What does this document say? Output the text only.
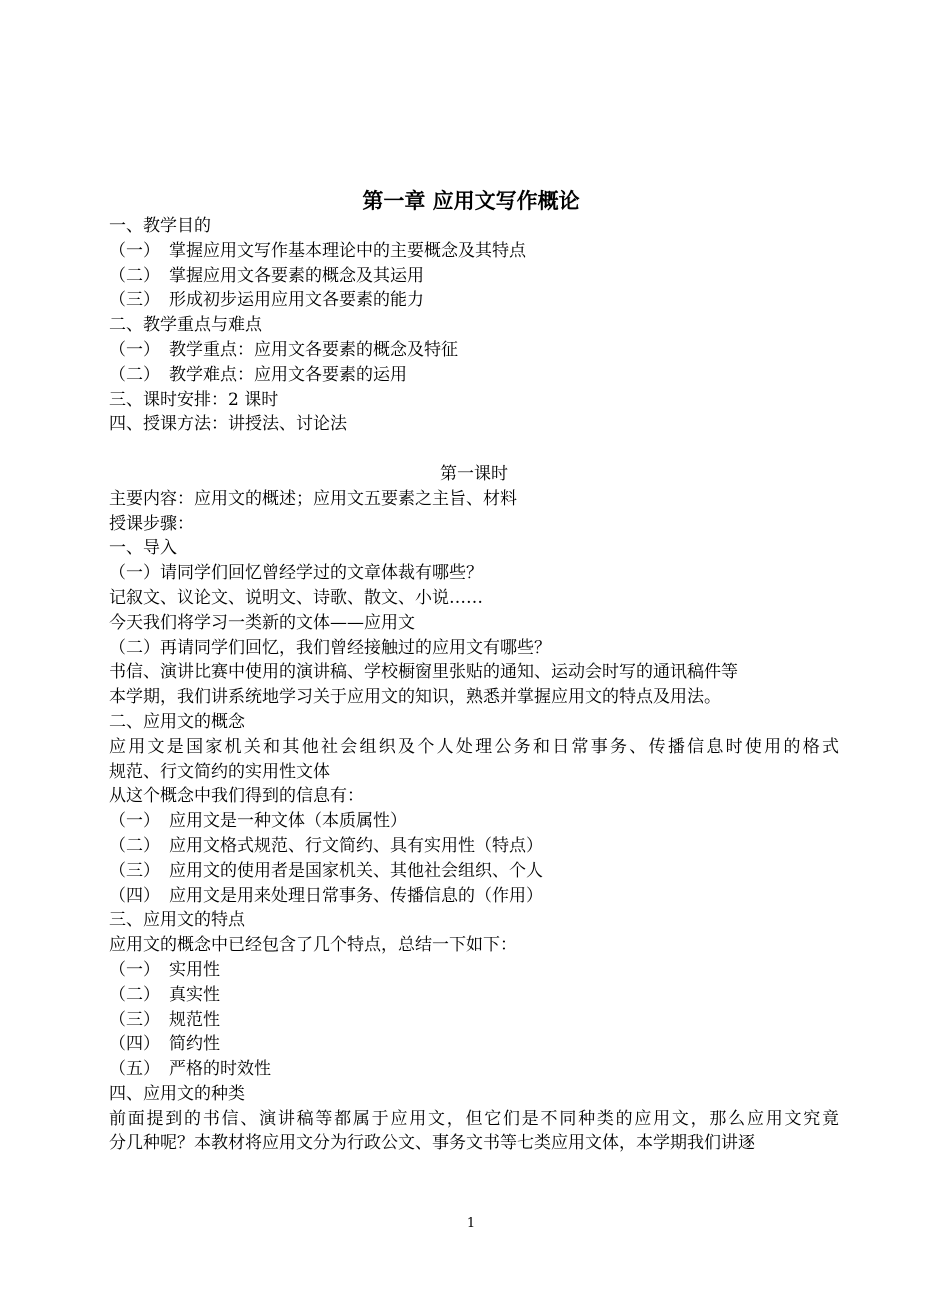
第一章 应用文写作概论
一、教学目的
（一） 掌握应用文写作基本理论中的主要概念及其特点
（二） 掌握应用文各要素的概念及其运用
（三） 形成初步运用应用文各要素的能力
二、教学重点与难点
（一） 教学重点：应用文各要素的概念及特征
（二） 教学难点：应用文各要素的运用
三、课时安排：2 课时
四、授课方法：讲授法、讨论法
第一课时
主要内容：应用文的概述；应用文五要素之主旨、材料
授课步骤：
一、导入
（一）请同学们回忆曾经学过的文章体裁有哪些？
记叙文、议论文、说明文、诗歌、散文、小说……
今天我们将学习一类新的文体——应用文
（二）再请同学们回忆，我们曾经接触过的应用文有哪些？
书信、演讲比赛中使用的演讲稿、学校橱窗里张贴的通知、运动会时写的通讯稿件等
本学期，我们讲系统地学习关于应用文的知识，熟悉并掌握应用文的特点及用法。
二、应用文的概念
应用文是国家机关和其他社会组织及个人处理公务和日常事务、传播信息时使用的格式
规范、行文简约的实用性文体
从这个概念中我们得到的信息有：
（一） 应用文是一种文体（本质属性）
（二） 应用文格式规范、行文简约、具有实用性（特点）
（三） 应用文的使用者是国家机关、其他社会组织、个人
（四） 应用文是用来处理日常事务、传播信息的（作用）
三、应用文的特点
应用文的概念中已经包含了几个特点，总结一下如下：
（一） 实用性
（二） 真实性
（三） 规范性
（四） 简约性
（五） 严格的时效性
四、应用文的种类
前面提到的书信、演讲稿等都属于应用文，但它们是不同种类的应用文，那么应用文究竟
分几种呢？本教材将应用文分为行政公文、事务文书等七类应用文体，本学期我们讲逐
1
